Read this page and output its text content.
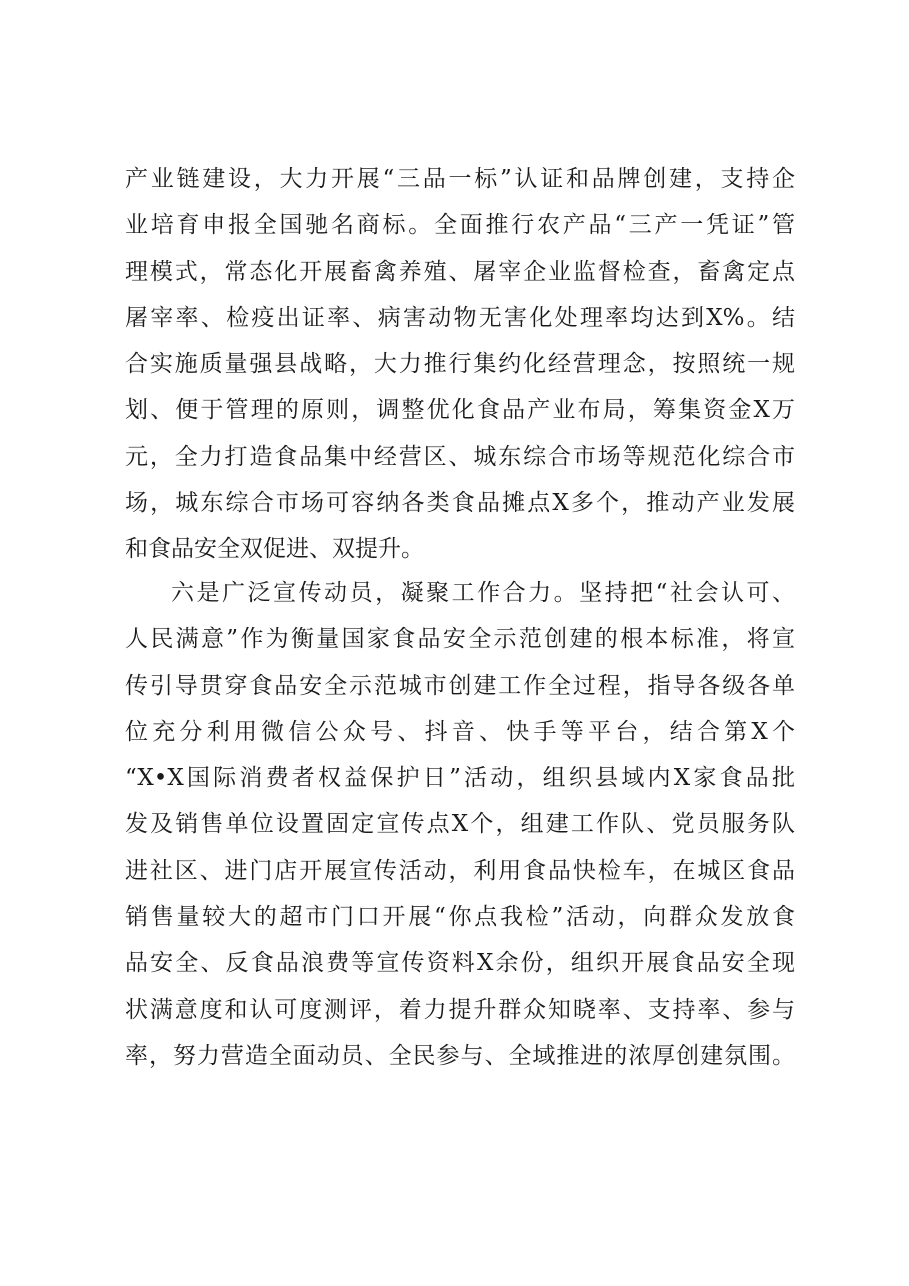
产业链建设，大力开展“三品一标”认证和品牌创建，支持企
业培育申报全国驰名商标。全面推行农产品“三产一凭证”管
理模式，常态化开展畜禽养殖、屠宰企业监督检查，畜禽定点
屠宰率、检疫出证率、病害动物无害化处理率均达到X%。结
合实施质量强县战略，大力推行集约化经营理念，按照统一规
划、便于管理的原则，调整优化食品产业布局，筹集资金X万
元，全力打造食品集中经营区、城东综合市场等规范化综合市
场，城东综合市场可容纳各类食品摊点X多个，推动产业发展
和食品安全双促进、双提升。
六是广泛宣传动员，凝聚工作合力。坚持把“社会认可、
人民满意”作为衡量国家食品安全示范创建的根本标准，将宣
传引导贯穿食品安全示范城市创建工作全过程，指导各级各单
位充分利用微信公众号、抖音、快手等平台，结合第X个
“X•X国际消费者权益保护日”活动，组织县域内X家食品批
发及销售单位设置固定宣传点X个，组建工作队、党员服务队
进社区、进门店开展宣传活动，利用食品快检车，在城区食品
销售量较大的超市门口开展“你点我检”活动，向群众发放食
品安全、反食品浪费等宣传资料X余份，组织开展食品安全现
状满意度和认可度测评，着力提升群众知晓率、支持率、参与
率，努力营造全面动员、全民参与、全域推进的浓厚创建氛围。
